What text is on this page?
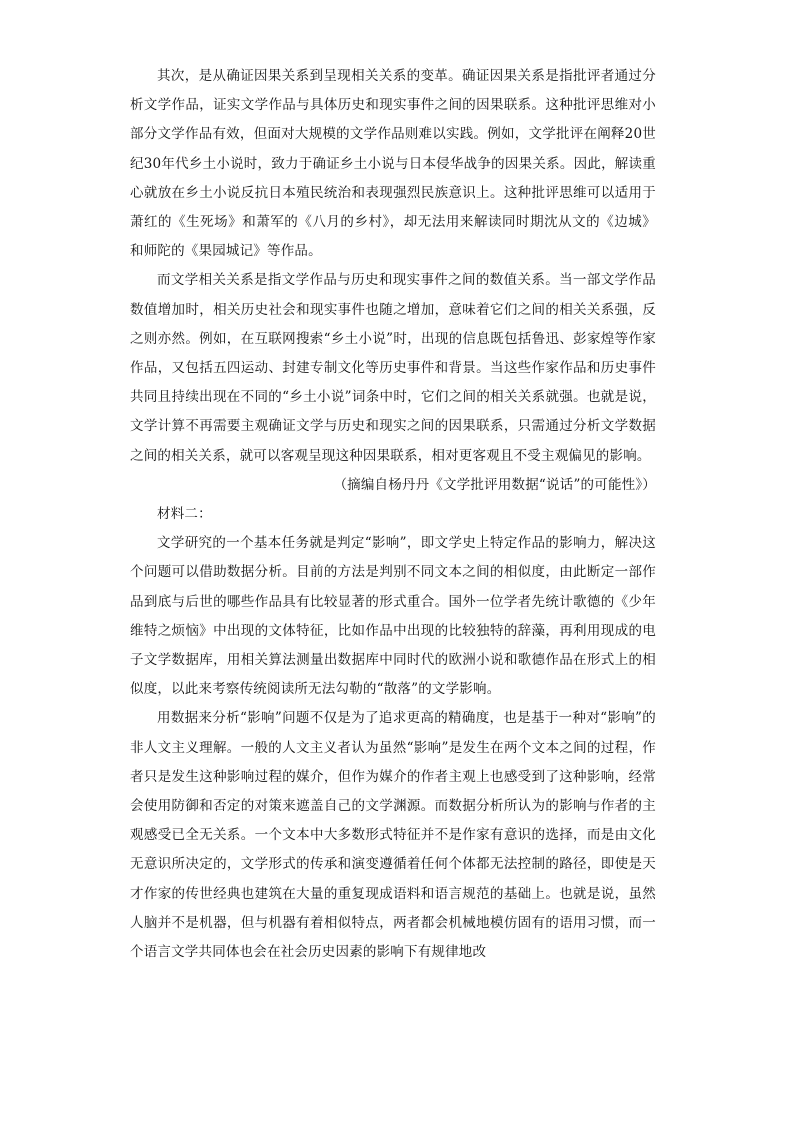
其次，是从确证因果关系到呈现相关关系的变革。确证因果关系是指批评者通过分析文学作品，证实文学作品与具体历史和现实事件之间的因果联系。这种批评思维对小部分文学作品有效，但面对大规模的文学作品则难以实践。例如，文学批评在阐释20世纪30年代乡土小说时，致力于确证乡土小说与日本侵华战争的因果关系。因此，解读重心就放在乡土小说反抗日本殖民统治和表现强烈民族意识上。这种批评思维可以适用于萧红的《生死场》和萧军的《八月的乡村》，却无法用来解读同时期沈从文的《边城》和师陀的《果园城记》等作品。

而文学相关关系是指文学作品与历史和现实事件之间的数值关系。当一部文学作品数值增加时，相关历史社会和现实事件也随之增加，意味着它们之间的相关关系强，反之则亦然。例如，在互联网搜索“乡土小说”时，出现的信息既包括鲁迅、彭家煌等作家作品，又包括五四运动、封建专制文化等历史事件和背景。当这些作家作品和历史事件共同且持续出现在不同的“乡土小说”词条中时，它们之间的相关关系就强。也就是说，文学计算不再需要主观确证文学与历史和现实之间的因果联系，只需通过分析文学数据之间的相关关系，就可以客观呈现这种因果联系，相对更客观且不受主观偏见的影响。

（摘编自杨丹丹《文学批评用数据“说话”的可能性》）

材料二：

文学研究的一个基本任务就是判定“影响”，即文学史上特定作品的影响力，解决这个问题可以借助数据分析。目前的方法是判别不同文本之间的相似度，由此断定一部作品到底与后世的哪些作品具有比较显著的形式重合。国外一位学者先统计歌德的《少年维特之烦恼》中出现的文体特征，比如作品中出现的比较独特的辞藻，再利用现成的电子文学数据库，用相关算法测量出数据库中同时代的欧洲小说和歌德作品在形式上的相似度，以此来考察传统阅读所无法勾勒的“散落”的文学影响。

用数据来分析“影响”问题不仅是为了追求更高的精确度，也是基于一种对“影响”的非人文主义理解。一般的人文主义者认为虽然“影响”是发生在两个文本之间的过程，作者只是发生这种影响过程的媒介，但作为媒介的作者主观上也感受到了这种影响，经常会使用防御和否定的对策来遮盖自己的文学渊源。而数据分析所认为的影响与作者的主观感受已全无关系。一个文本中大多数形式特征并不是作家有意识的选择，而是由文化无意识所决定的，文学形式的传承和演变遵循着任何个体都无法控制的路径，即使是天才作家的传世经典也建筑在大量的重复现成语料和语言规范的基础上。也就是说，虽然人脑并不是机器，但与机器有着相似特点，两者都会机械地模仿固有的语用习惯，而一个语言文学共同体也会在社会历史因素的影响下有规律地改
